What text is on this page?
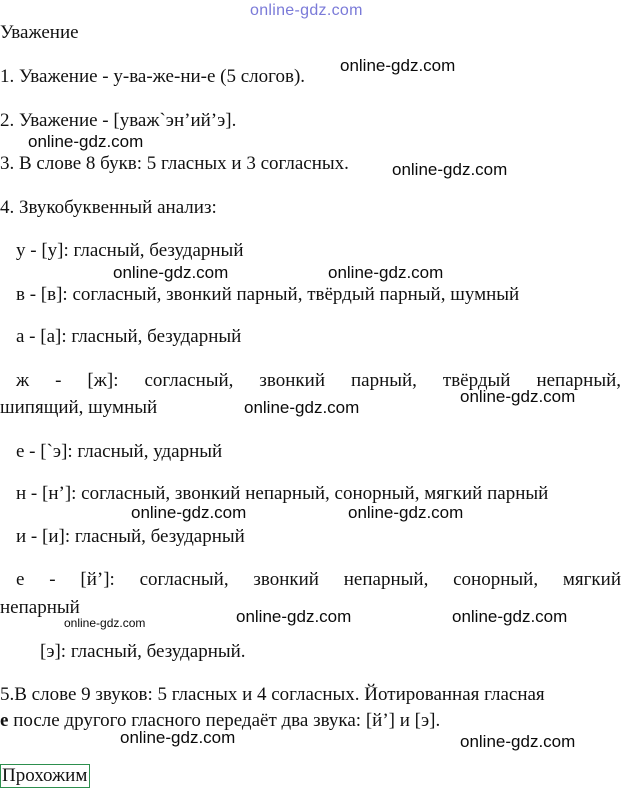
online-gdz.com
Уважение
1. Уважение - у-ва-же-ни-е (5 слогов).
online-gdz.com
2. Уважение - [уваж`эн’ий’э].
online-gdz.com
3. В слове 8 букв: 5 гласных и 3 согласных.	online-gdz.com
4. Звукобуквенный анализ:
у - [у]: гласный, безударный
online-gdz.com	online-gdz.com
в - [в]: согласный, звонкий парный, твёрдый парный, шумный
а - [а]: гласный, безударный
ж - [ж]: согласный, звонкий парный, твёрдый непарный,
шипящий, шумный
online-gdz.com
online-gdz.com
е - [`э]: гласный, ударный
н - [н’]: согласный, звонкий непарный, сонорный, мягкий парный
online-gdz.com	online-gdz.com
и - [и]: гласный, безударный
е - [й’]: согласный, звонкий непарный, сонорный, мягкий
непарный
online-gdz.com	online-gdz.com	online-gdz.com
[э]: гласный, безударный.
5.В слове 9 звуков: 5 гласных и 4 согласных. Йотированная гласная
е после другого гласного передаёт два звука: [й’] и [э].
online-gdz.com	online-gdz.com
Прохожим
